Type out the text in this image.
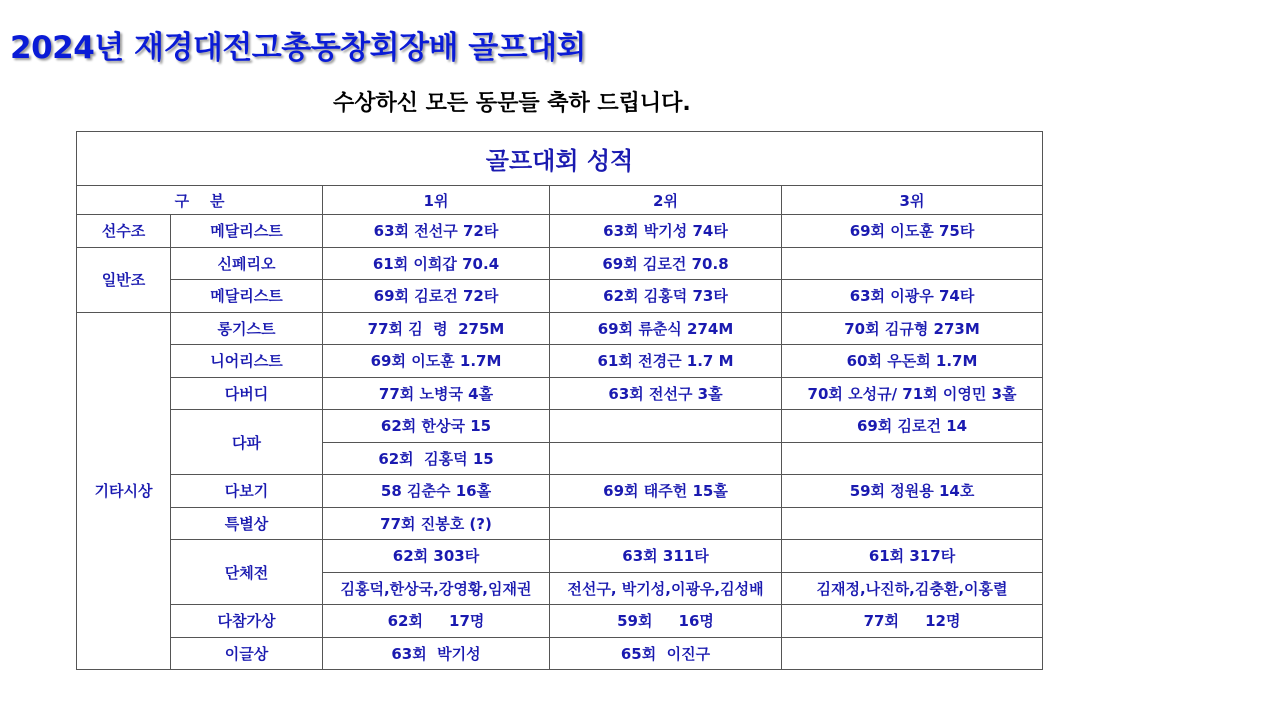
2024년 재경대전고총동창회장배 골프대회
수상하신 모든 동문들 축하 드립니다.
골프대회 성적				
구    분		1위	2위	3위
선수조	메달리스트	63회 전선구 72타	63회 박기성 74타	69회 이도훈 75타
일반조	신페리오	61회 이희갑 70.4	69회 김로건 70.8	
	메달리스트	69회 김로건 72타	62회 김홍덕 73타	63회 이광우 74타
기타시상	롱기스트	77회 김  령  275M	69회 류춘식 274M	70회 김규형 273M
	니어리스트	69회 이도훈 1.7M	61회 전경근 1.7 M	60회 우돈희 1.7M
	다버디	77회 노병국 4홀	63회 전선구 3홀	70회 오성규/ 71회 이영민 3홀
	다파	62회 한상국 15		69회 김로건 14
		62회  김홍덕 15		
	다보기	58 김춘수 16홀	69회 태주헌 15홀	59회 정원용 14호
	특별상	77회 진봉호 (?)		
	단체전	62회 303타	63회 311타	61회 317타
		김홍덕,한상국,강영황,임재권	전선구, 박기성,이광우,김성배	김재정,나진하,김충환,이홍렬
	다참가상	62회     17명	59회     16명	77회     12명
	이글상	63회  박기성	65회  이진구	
